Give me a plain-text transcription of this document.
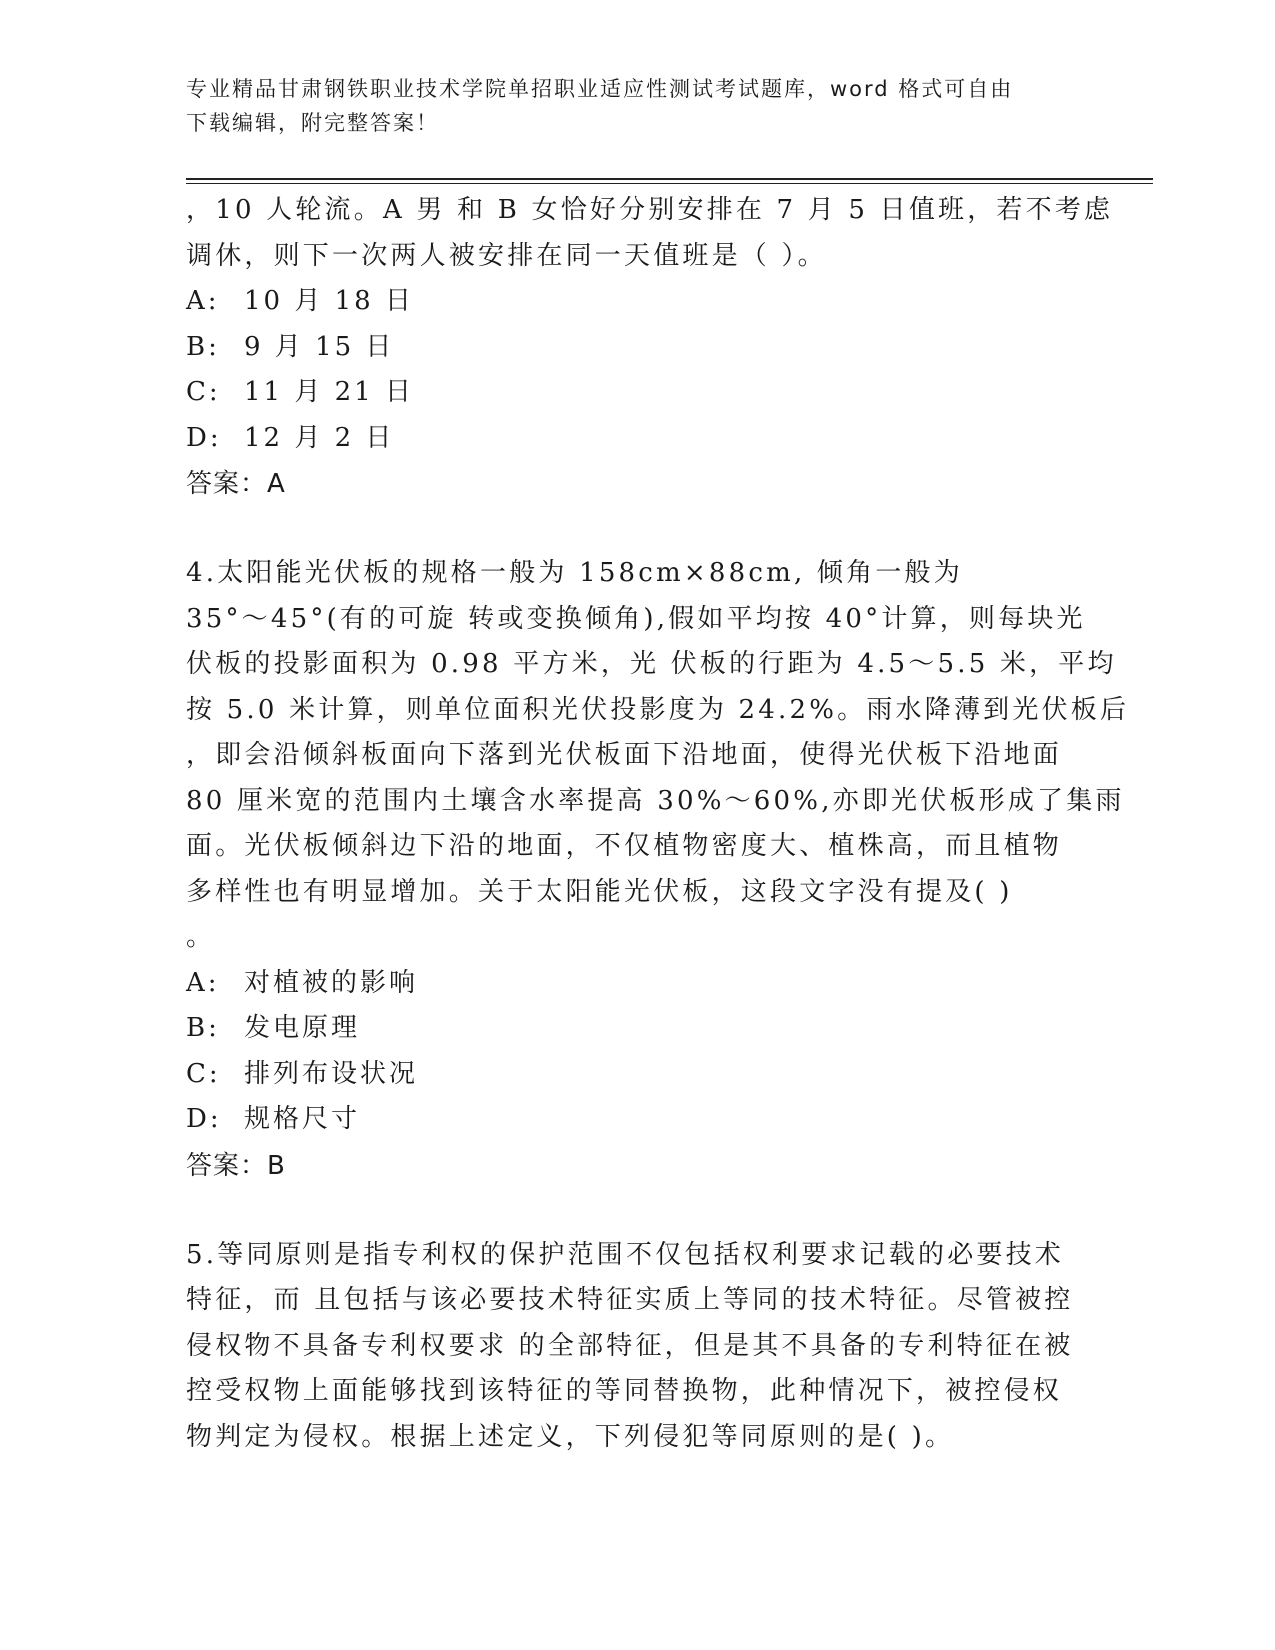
专业精品甘肃钢铁职业技术学院单招职业适应性测试考试题库，word 格式可自由
下载编辑，附完整答案！
，10 人轮流。A 男 和 B 女恰好分别安排在 7 月 5 日值班，若不考虑
调休，则下一次两人被安排在同一天值班是（ ）。
A: 10 月 18 日
B: 9 月 15 日
C: 11 月 21 日
D: 12 月 2 日
答案：A
4.太阳能光伏板的规格一般为 158cm×88cm, 倾角一般为
35°～45°(有的可旋 转或变换倾角),假如平均按 40°计算，则每块光
伏板的投影面积为 0.98 平方米，光 伏板的行距为 4.5～5.5 米，平均
按 5.0 米计算，则单位面积光伏投影度为 24.2%。雨水降薄到光伏板后
，即会沿倾斜板面向下落到光伏板面下沿地面，使得光伏板下沿地面
80 厘米宽的范围内土壤含水率提高 30%～60%,亦即光伏板形成了集雨
面。光伏板倾斜边下沿的地面，不仅植物密度大、植株高，而且植物
多样性也有明显增加。关于太阳能光伏板，这段文字没有提及( )
。
A: 对植被的影响
B: 发电原理
C: 排列布设状况
D: 规格尺寸
答案：B
5.等同原则是指专利权的保护范围不仅包括权利要求记载的必要技术
特征，而 且包括与该必要技术特征实质上等同的技术特征。尽管被控
侵权物不具备专利权要求 的全部特征，但是其不具备的专利特征在被
控受权物上面能够找到该特征的等同替换物，此种情况下，被控侵权
物判定为侵权。根据上述定义，下列侵犯等同原则的是( )。
